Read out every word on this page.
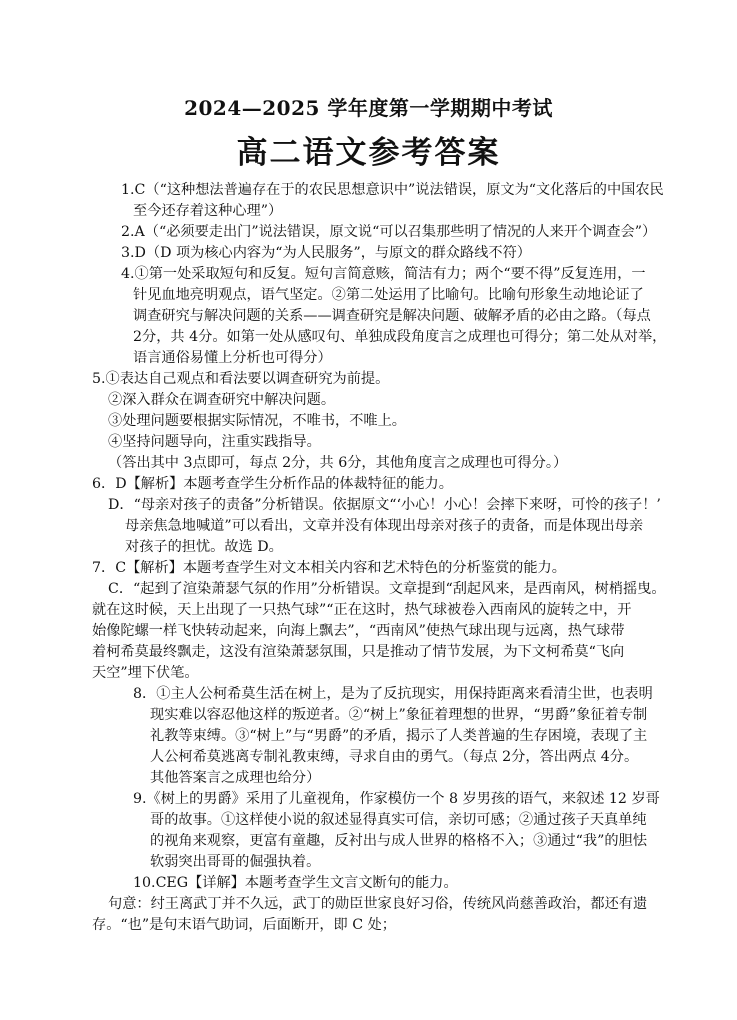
2024—2025 学年度第一学期期中考试
高二语文参考答案
1.C（“这种想法普遍存在于的农民思想意识中”说法错误，原文为“文化落后的中国农民
至今还存着这种心理”）
2.A（“必须要走出门”说法错误，原文说“可以召集那些明了情况的人来开个调查会”）
3.D（D 项为核心内容为“为人民服务”，与原文的群众路线不符）
4.①第一处采取短句和反复。短句言简意赅，简洁有力；两个“要不得”反复连用，一
针见血地亮明观点，语气坚定。②第二处运用了比喻句。比喻句形象生动地论证了
调查研究与解决问题的关系——调查研究是解决问题、破解矛盾的必由之路。（每点
2分，共 4分。如第一处从感叹句、单独成段角度言之成理也可得分；第二处从对举，
语言通俗易懂上分析也可得分）
5.①表达自己观点和看法要以调查研究为前提。
②深入群众在调查研究中解决问题。
③处理问题要根据实际情况，不唯书，不唯上。
④坚持问题导向，注重实践指导。
（答出其中 3点即可，每点 2分，共 6分，其他角度言之成理也可得分。）
6．D【解析】本题考查学生分析作品的体裁特征的能力。
D．“母亲对孩子的责备”分析错误。依据原文“‘小心！小心！会摔下来呀，可怜的孩子！’
母亲焦急地喊道”可以看出，文章并没有体现出母亲对孩子的责备，而是体现出母亲
对孩子的担忧。故选 D。
7．C【解析】本题考查学生对文本相关内容和艺术特色的分析鉴赏的能力。
C．“起到了渲染萧瑟气氛的作用”分析错误。文章提到“刮起风来，是西南风，树梢摇曳。
就在这时候，天上出现了一只热气球”“正在这时，热气球被卷入西南风的旋转之中，开
始像陀螺一样飞快转动起来，向海上飘去”，“西南风”使热气球出现与远离，热气球带
着柯希莫最终飘走，这没有渲染萧瑟氛围，只是推动了情节发展，为下文柯希莫“飞向
天空”埋下伏笔。
8．①主人公柯希莫生活在树上，是为了反抗现实，用保持距离来看清尘世，也表明
现实难以容忍他这样的叛逆者。②“树上”象征着理想的世界，“男爵”象征着专制
礼教等束缚。③“树上”与“男爵”的矛盾，揭示了人类普遍的生存困境，表现了主
人公柯希莫逃离专制礼教束缚，寻求自由的勇气。（每点 2分，答出两点 4分。
其他答案言之成理也给分）
9.《树上的男爵》采用了儿童视角，作家模仿一个 8 岁男孩的语气，来叙述 12 岁哥
哥的故事。①这样使小说的叙述显得真实可信，亲切可感；②通过孩子天真单纯
的视角来观察，更富有童趣，反衬出与成人世界的格格不入；③通过“我”的胆怯
软弱突出哥哥的倔强执着。
10.CEG【详解】本题考查学生文言文断句的能力。
句意：纣王离武丁并不久远，武丁的勋臣世家良好习俗，传统风尚慈善政治，都还有遗
存。“也”是句末语气助词，后面断开，即 C 处；
